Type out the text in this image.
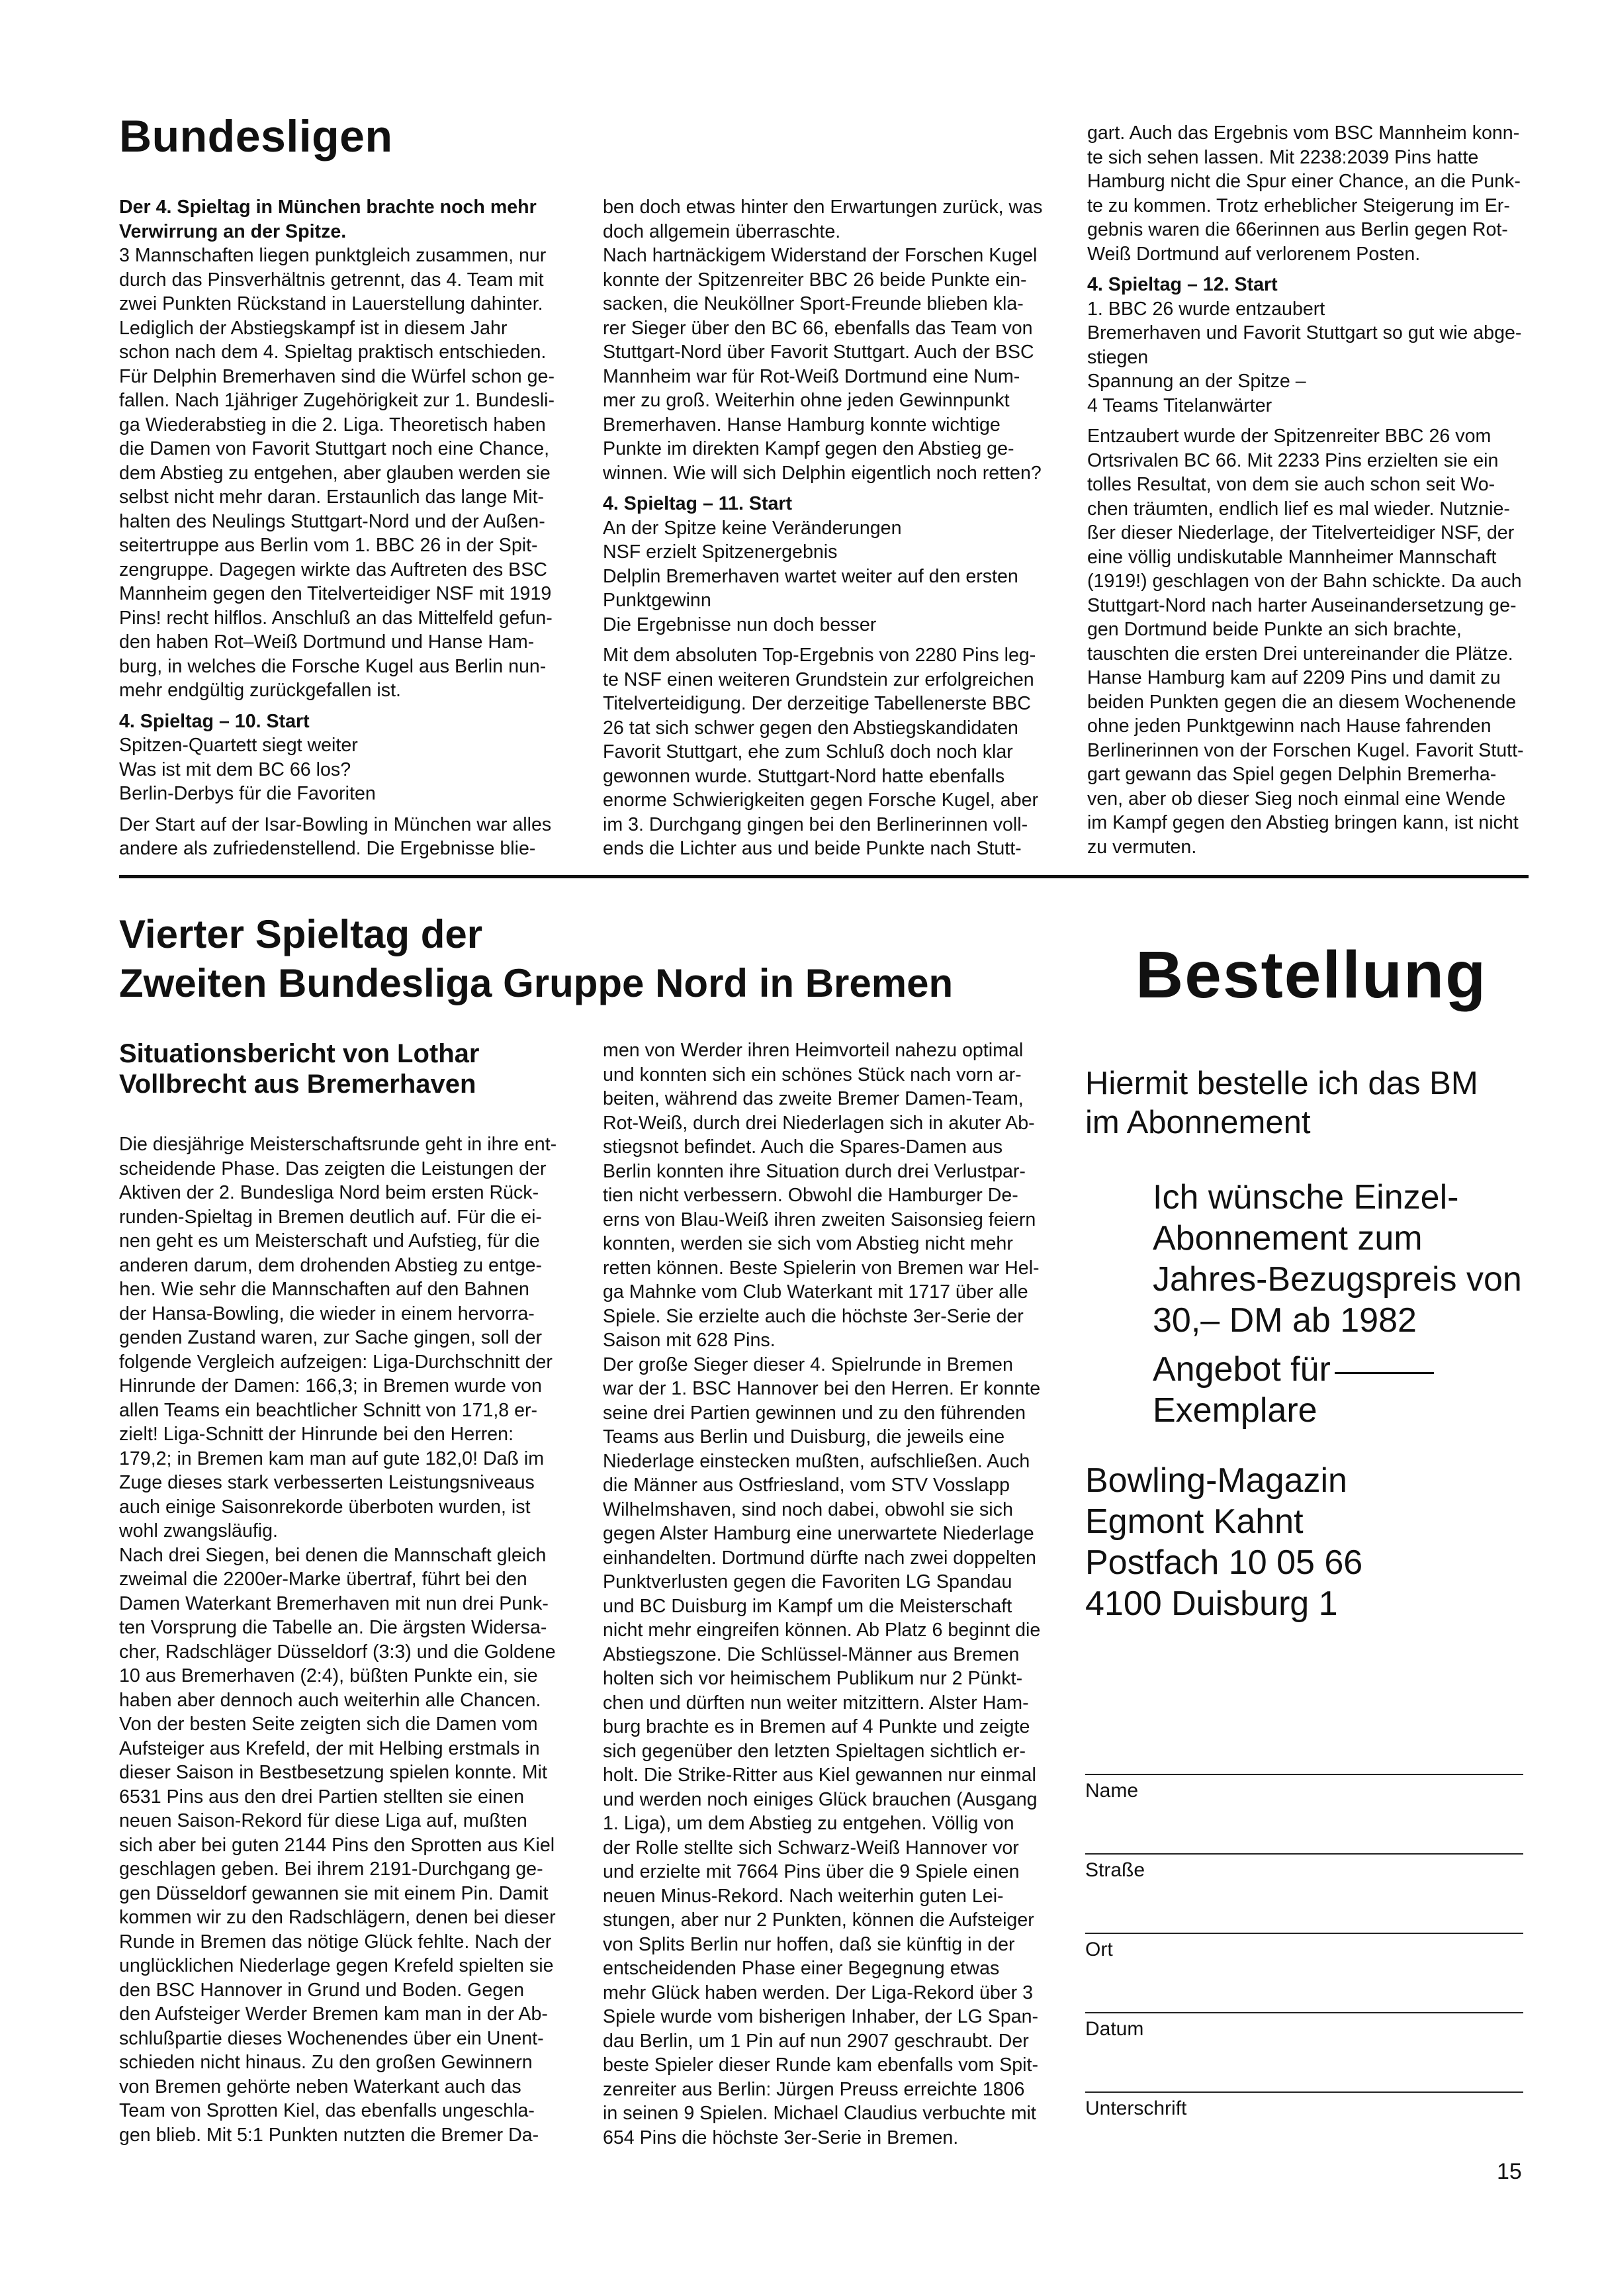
Bundesligen

Der 4. Spieltag in München brachte noch mehr

Verwirrung an der Spitze.

3 Mannschaften liegen punktgleich zusammen, nur

durch das Pinsverhältnis getrennt, das 4. Team mit

zwei Punkten Rückstand in Lauerstellung dahinter.

Lediglich der Abstiegskampf ist in diesem Jahr

schon nach dem 4. Spieltag praktisch entschieden.

Für Delphin Bremerhaven sind die Würfel schon ge-

fallen. Nach 1jähriger Zugehörigkeit zur 1. Bundesli-

ga Wiederabstieg in die 2. Liga. Theoretisch haben

die Damen von Favorit Stuttgart noch eine Chance,

dem Abstieg zu entgehen, aber glauben werden sie

selbst nicht mehr daran. Erstaunlich das lange Mit-

halten des Neulings Stuttgart-Nord und der Außen-

seitertruppe aus Berlin vom 1. BBC 26 in der Spit-

zengruppe. Dagegen wirkte das Auftreten des BSC

Mannheim gegen den Titelverteidiger NSF mit 1919

Pins! recht hilflos. Anschluß an das Mittelfeld gefun-

den haben Rot–Weiß Dortmund und Hanse Ham-

burg, in welches die Forsche Kugel aus Berlin nun-

mehr endgültig zurückgefallen ist.

4. Spieltag – 10. Start

Spitzen-Quartett siegt weiter

Was ist mit dem BC 66 los?

Berlin-Derbys für die Favoriten

Der Start auf der Isar-Bowling in München war alles

andere als zufriedenstellend. Die Ergebnisse blie-

ben doch etwas hinter den Erwartungen zurück, was

doch allgemein überraschte.

Nach hartnäckigem Widerstand der Forschen Kugel

konnte der Spitzenreiter BBC 26 beide Punkte ein-

sacken, die Neuköllner Sport-Freunde blieben kla-

rer Sieger über den BC 66, ebenfalls das Team von

Stuttgart-Nord über Favorit Stuttgart. Auch der BSC

Mannheim war für Rot-Weiß Dortmund eine Num-

mer zu groß. Weiterhin ohne jeden Gewinnpunkt

Bremerhaven. Hanse Hamburg konnte wichtige

Punkte im direkten Kampf gegen den Abstieg ge-

winnen. Wie will sich Delphin eigentlich noch retten?

4. Spieltag – 11. Start

An der Spitze keine Veränderungen

NSF erzielt Spitzenergebnis

Delplin Bremerhaven wartet weiter auf den ersten

Punktgewinn

Die Ergebnisse nun doch besser

Mit dem absoluten Top-Ergebnis von 2280 Pins leg-

te NSF einen weiteren Grundstein zur erfolgreichen

Titelverteidigung. Der derzeitige Tabellenerste BBC

26 tat sich schwer gegen den Abstiegskandidaten

Favorit Stuttgart, ehe zum Schluß doch noch klar

gewonnen wurde. Stuttgart-Nord hatte ebenfalls

enorme Schwierigkeiten gegen Forsche Kugel, aber

im 3. Durchgang gingen bei den Berlinerinnen voll-

ends die Lichter aus und beide Punkte nach Stutt-

gart. Auch das Ergebnis vom BSC Mannheim konn-

te sich sehen lassen. Mit 2238:2039 Pins hatte

Hamburg nicht die Spur einer Chance, an die Punk-

te zu kommen. Trotz erheblicher Steigerung im Er-

gebnis waren die 66erinnen aus Berlin gegen Rot-

Weiß Dortmund auf verlorenem Posten.

4. Spieltag – 12. Start

1. BBC 26 wurde entzaubert

Bremerhaven und Favorit Stuttgart so gut wie abge-

stiegen

Spannung an der Spitze –

4 Teams Titelanwärter

Entzaubert wurde der Spitzenreiter BBC 26 vom

Ortsrivalen BC 66. Mit 2233 Pins erzielten sie ein

tolles Resultat, von dem sie auch schon seit Wo-

chen träumten, endlich lief es mal wieder. Nutznie-

ßer dieser Niederlage, der Titelverteidiger NSF, der

eine völlig undiskutable Mannheimer Mannschaft

(1919!) geschlagen von der Bahn schickte. Da auch

Stuttgart-Nord nach harter Auseinandersetzung ge-

gen Dortmund beide Punkte an sich brachte,

tauschten die ersten Drei untereinander die Plätze.

Hanse Hamburg kam auf 2209 Pins und damit zu

beiden Punkten gegen die an diesem Wochenende

ohne jeden Punktgewinn nach Hause fahrenden

Berlinerinnen von der Forschen Kugel. Favorit Stutt-

gart gewann das Spiel gegen Delphin Bremerha-

ven, aber ob dieser Sieg noch einmal eine Wende

im Kampf gegen den Abstieg bringen kann, ist nicht

zu vermuten.

Vierter Spieltag der
Zweiten Bundesliga Gruppe Nord in Bremen
Situationsbericht von Lothar
Vollbrecht aus Bremerhaven

Die diesjährige Meisterschaftsrunde geht in ihre ent-

scheidende Phase. Das zeigten die Leistungen der

Aktiven der 2. Bundesliga Nord beim ersten Rück-

runden-Spieltag in Bremen deutlich auf. Für die ei-

nen geht es um Meisterschaft und Aufstieg, für die

anderen darum, dem drohenden Abstieg zu entge-

hen. Wie sehr die Mannschaften auf den Bahnen

der Hansa-Bowling, die wieder in einem hervorra-

genden Zustand waren, zur Sache gingen, soll der

folgende Vergleich aufzeigen: Liga-Durchschnitt der

Hinrunde der Damen: 166,3; in Bremen wurde von

allen Teams ein beachtlicher Schnitt von 171,8 er-

zielt! Liga-Schnitt der Hinrunde bei den Herren:

179,2; in Bremen kam man auf gute 182,0! Daß im

Zuge dieses stark verbesserten Leistungsniveaus

auch einige Saisonrekorde überboten wurden, ist

wohl zwangsläufig.

Nach drei Siegen, bei denen die Mannschaft gleich

zweimal die 2200er-Marke übertraf, führt bei den

Damen Waterkant Bremerhaven mit nun drei Punk-

ten Vorsprung die Tabelle an. Die ärgsten Widersa-

cher, Radschläger Düsseldorf (3:3) und die Goldene

10 aus Bremerhaven (2:4), büßten Punkte ein, sie

haben aber dennoch auch weiterhin alle Chancen.

Von der besten Seite zeigten sich die Damen vom

Aufsteiger aus Krefeld, der mit Helbing erstmals in

dieser Saison in Bestbesetzung spielen konnte. Mit

6531 Pins aus den drei Partien stellten sie einen

neuen Saison-Rekord für diese Liga auf, mußten

sich aber bei guten 2144 Pins den Sprotten aus Kiel

geschlagen geben. Bei ihrem 2191-Durchgang ge-

gen Düsseldorf gewannen sie mit einem Pin. Damit

kommen wir zu den Radschlägern, denen bei dieser

Runde in Bremen das nötige Glück fehlte. Nach der

unglücklichen Niederlage gegen Krefeld spielten sie

den BSC Hannover in Grund und Boden. Gegen

den Aufsteiger Werder Bremen kam man in der Ab-

schlußpartie dieses Wochenendes über ein Unent-

schieden nicht hinaus. Zu den großen Gewinnern

von Bremen gehörte neben Waterkant auch das

Team von Sprotten Kiel, das ebenfalls ungeschla-

gen blieb. Mit 5:1 Punkten nutzten die Bremer Da-

men von Werder ihren Heimvorteil nahezu optimal

und konnten sich ein schönes Stück nach vorn ar-

beiten, während das zweite Bremer Damen-Team,

Rot-Weiß, durch drei Niederlagen sich in akuter Ab-

stiegsnot befindet. Auch die Spares-Damen aus

Berlin konnten ihre Situation durch drei Verlustpar-

tien nicht verbessern. Obwohl die Hamburger De-

erns von Blau-Weiß ihren zweiten Saisonsieg feiern

konnten, werden sie sich vom Abstieg nicht mehr

retten können. Beste Spielerin von Bremen war Hel-

ga Mahnke vom Club Waterkant mit 1717 über alle

Spiele. Sie erzielte auch die höchste 3er-Serie der

Saison mit 628 Pins.

Der große Sieger dieser 4. Spielrunde in Bremen

war der 1. BSC Hannover bei den Herren. Er konnte

seine drei Partien gewinnen und zu den führenden

Teams aus Berlin und Duisburg, die jeweils eine

Niederlage einstecken mußten, aufschließen. Auch

die Männer aus Ostfriesland, vom STV Vosslapp

Wilhelmshaven, sind noch dabei, obwohl sie sich

gegen Alster Hamburg eine unerwartete Niederlage

einhandelten. Dortmund dürfte nach zwei doppelten

Punktverlusten gegen die Favoriten LG Spandau

und BC Duisburg im Kampf um die Meisterschaft

nicht mehr eingreifen können. Ab Platz 6 beginnt die

Abstiegszone. Die Schlüssel-Männer aus Bremen

holten sich vor heimischem Publikum nur 2 Pünkt-

chen und dürften nun weiter mitzittern. Alster Ham-

burg brachte es in Bremen auf 4 Punkte und zeigte

sich gegenüber den letzten Spieltagen sichtlich er-

holt. Die Strike-Ritter aus Kiel gewannen nur einmal

und werden noch einiges Glück brauchen (Ausgang

1. Liga), um dem Abstieg zu entgehen. Völlig von

der Rolle stellte sich Schwarz-Weiß Hannover vor

und erzielte mit 7664 Pins über die 9 Spiele einen

neuen Minus-Rekord. Nach weiterhin guten Lei-

stungen, aber nur 2 Punkten, können die Aufsteiger

von Splits Berlin nur hoffen, daß sie künftig in der

entscheidenden Phase einer Begegnung etwas

mehr Glück haben werden. Der Liga-Rekord über 3

Spiele wurde vom bisherigen Inhaber, der LG Span-

dau Berlin, um 1 Pin auf nun 2907 geschraubt. Der

beste Spieler dieser Runde kam ebenfalls vom Spit-

zenreiter aus Berlin: Jürgen Preuss erreichte 1806

in seinen 9 Spielen. Michael Claudius verbuchte mit

654 Pins die höchste 3er-Serie in Bremen.

Bestellung
Hiermit bestelle ich das BM
im Abonnement
Ich wünsche Einzel-
Abonnement zum
Jahres-Bezugspreis von
30,– DM ab 1982
Angebot für
Exemplare
Bowling-Magazin
Egmont Kahnt
Postfach 10 05 66
4100 Duisburg 1
Name
Straße
Ort
Datum
Unterschrift
15
